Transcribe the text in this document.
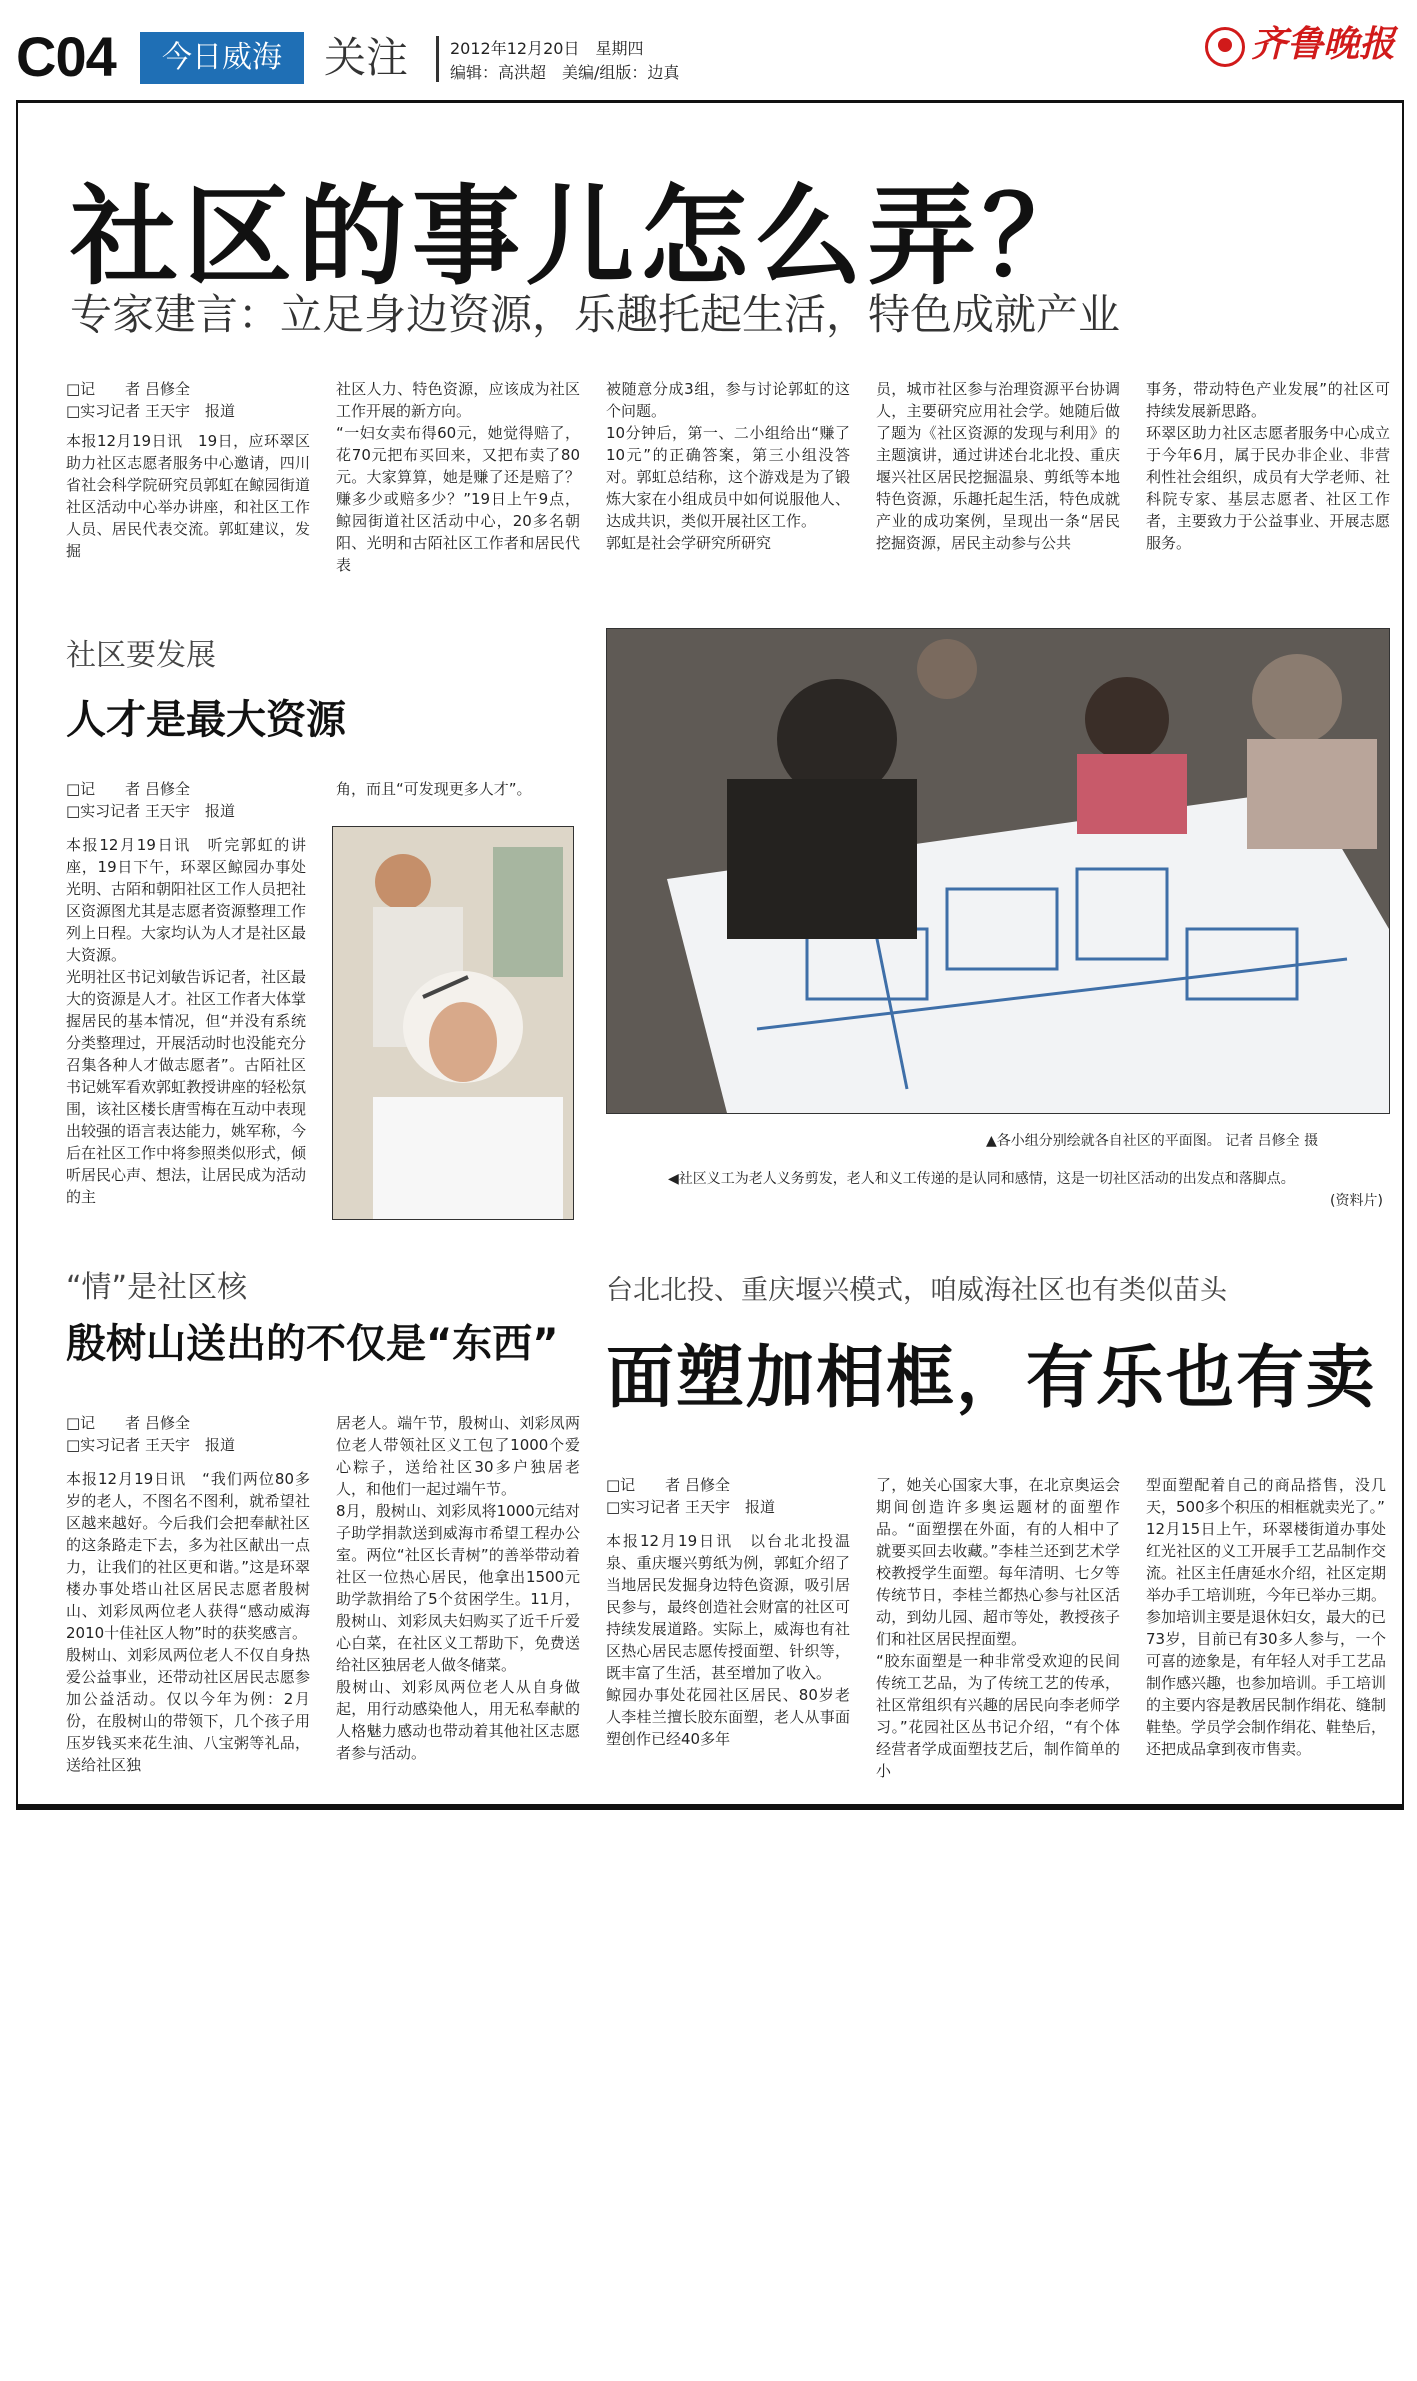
C04	今日威海	关注	2012年12月20日　星期四
编辑：高洪超　美编/组版：边真
齐鲁晚报
社区的事儿怎么弄？
专家建言：立足身边资源，乐趣托起生活，特色成就产业
□记　　者 吕修全
□实习记者 王天宇　报道
本报12月19日讯　19日，应环翠区助力社区志愿者服务中心邀请，四川省社会科学院研究员郭虹在鲸园街道社区活动中心举办讲座，和社区工作人员、居民代表交流。郭虹建议，发掘
社区人力、特色资源，应该成为社区工作开展的新方向。
“一妇女卖布得60元，她觉得赔了，花70元把布买回来，又把布卖了80元。大家算算，她是赚了还是赔了？赚多少或赔多少？”19日上午9点，鲸园街道社区活动中心，20多名朝阳、光明和古陌社区工作者和居民代表
被随意分成3组，参与讨论郭虹的这个问题。
10分钟后，第一、二小组给出“赚了10元”的正确答案，第三小组没答对。郭虹总结称，这个游戏是为了锻炼大家在小组成员中如何说服他人、达成共识，类似开展社区工作。
郭虹是社会学研究所研究
员，城市社区参与治理资源平台协调人，主要研究应用社会学。她随后做了题为《社区资源的发现与利用》的主题演讲，通过讲述台北北投、重庆堰兴社区居民挖掘温泉、剪纸等本地特色资源，乐趣托起生活，特色成就产业的成功案例，呈现出一条“居民挖掘资源，居民主动参与公共
事务，带动特色产业发展”的社区可持续发展新思路。
环翠区助力社区志愿者服务中心成立于今年6月，属于民办非企业、非营利性社会组织，成员有大学老师、社科院专家、基层志愿者、社区工作者，主要致力于公益事业、开展志愿服务。
社区要发展
人才是最大资源
□记　　者 吕修全
□实习记者 王天宇　报道
本报12月19日讯　听完郭虹的讲座，19日下午，环翠区鲸园办事处光明、古陌和朝阳社区工作人员把社区资源图尤其是志愿者资源整理工作列上日程。大家均认为人才是社区最大资源。
光明社区书记刘敏告诉记者，社区最大的资源是人才。社区工作者大体掌握居民的基本情况，但“并没有系统分类整理过，开展活动时也没能充分召集各种人才做志愿者”。古陌社区书记姚军看欢郭虹教授讲座的轻松氛围，该社区楼长唐雪梅在互动中表现出较强的语言表达能力，姚军称，今后在社区工作中将参照类似形式，倾听居民心声、想法，让居民成为活动的主
角，而且“可发现更多人才”。
▲各小组分别绘就各自社区的平面图。 记者 吕修全 摄
◀社区义工为老人义务剪发，老人和义工传递的是认同和感情，这是一切社区活动的出发点和落脚点。
(资料片)
“情”是社区核
殷树山送出的不仅是“东西”
□记　　者 吕修全
□实习记者 王天宇　报道
本报12月19日讯　“我们两位80多岁的老人，不图名不图利，就希望社区越来越好。今后我们会把奉献社区的这条路走下去，多为社区献出一点力，让我们的社区更和谐。”这是环翠楼办事处塔山社区居民志愿者殷树山、刘彩凤两位老人获得“感动威海2010十佳社区人物”时的获奖感言。
殷树山、刘彩凤两位老人不仅自身热爱公益事业，还带动社区居民志愿参加公益活动。仅以今年为例：2月份，在殷树山的带领下，几个孩子用压岁钱买来花生油、八宝粥等礼品，送给社区独
居老人。端午节，殷树山、刘彩凤两位老人带领社区义工包了1000个爱心粽子，送给社区30多户独居老人，和他们一起过端午节。
8月，殷树山、刘彩凤将1000元结对子助学捐款送到威海市希望工程办公室。两位“社区长青树”的善举带动着社区一位热心居民，他拿出1500元助学款捐给了5个贫困学生。11月，殷树山、刘彩凤夫妇购买了近千斤爱心白菜，在社区义工帮助下，免费送给社区独居老人做冬储菜。
殷树山、刘彩凤两位老人从自身做起，用行动感染他人，用无私奉献的人格魅力感动也带动着其他社区志愿者参与活动。
台北北投、重庆堰兴模式，咱威海社区也有类似苗头
面塑加相框，有乐也有卖
□记　　者 吕修全
□实习记者 王天宇　报道
本报12月19日讯　以台北北投温泉、重庆堰兴剪纸为例，郭虹介绍了当地居民发掘身边特色资源，吸引居民参与，最终创造社会财富的社区可持续发展道路。实际上，威海也有社区热心居民志愿传授面塑、针织等，既丰富了生活，甚至增加了收入。
鲸园办事处花园社区居民、80岁老人李桂兰擅长胶东面塑，老人从事面塑创作已经40多年
了，她关心国家大事，在北京奥运会期间创造许多奥运题材的面塑作品。“面塑摆在外面，有的人相中了就要买回去收藏。”李桂兰还到艺术学校教授学生面塑。每年清明、七夕等传统节日，李桂兰都热心参与社区活动，到幼儿园、超市等处，教授孩子们和社区居民捏面塑。
“胶东面塑是一种非常受欢迎的民间传统工艺品，为了传统工艺的传承，社区常组织有兴趣的居民向李老师学习。”花园社区丛书记介绍，“有个体经营者学成面塑技艺后，制作简单的小
型面塑配着自己的商品搭售，没几天，500多个积压的相框就卖光了。”
12月15日上午，环翠楼街道办事处红光社区的义工开展手工艺品制作交流。社区主任唐延水介绍，社区定期举办手工培训班，今年已举办三期。参加培训主要是退休妇女，最大的已73岁，目前已有30多人参与，一个可喜的迹象是，有年轻人对手工艺品制作感兴趣，也参加培训。手工培训的主要内容是教居民制作绢花、缝制鞋垫。学员学会制作绢花、鞋垫后，还把成品拿到夜市售卖。
